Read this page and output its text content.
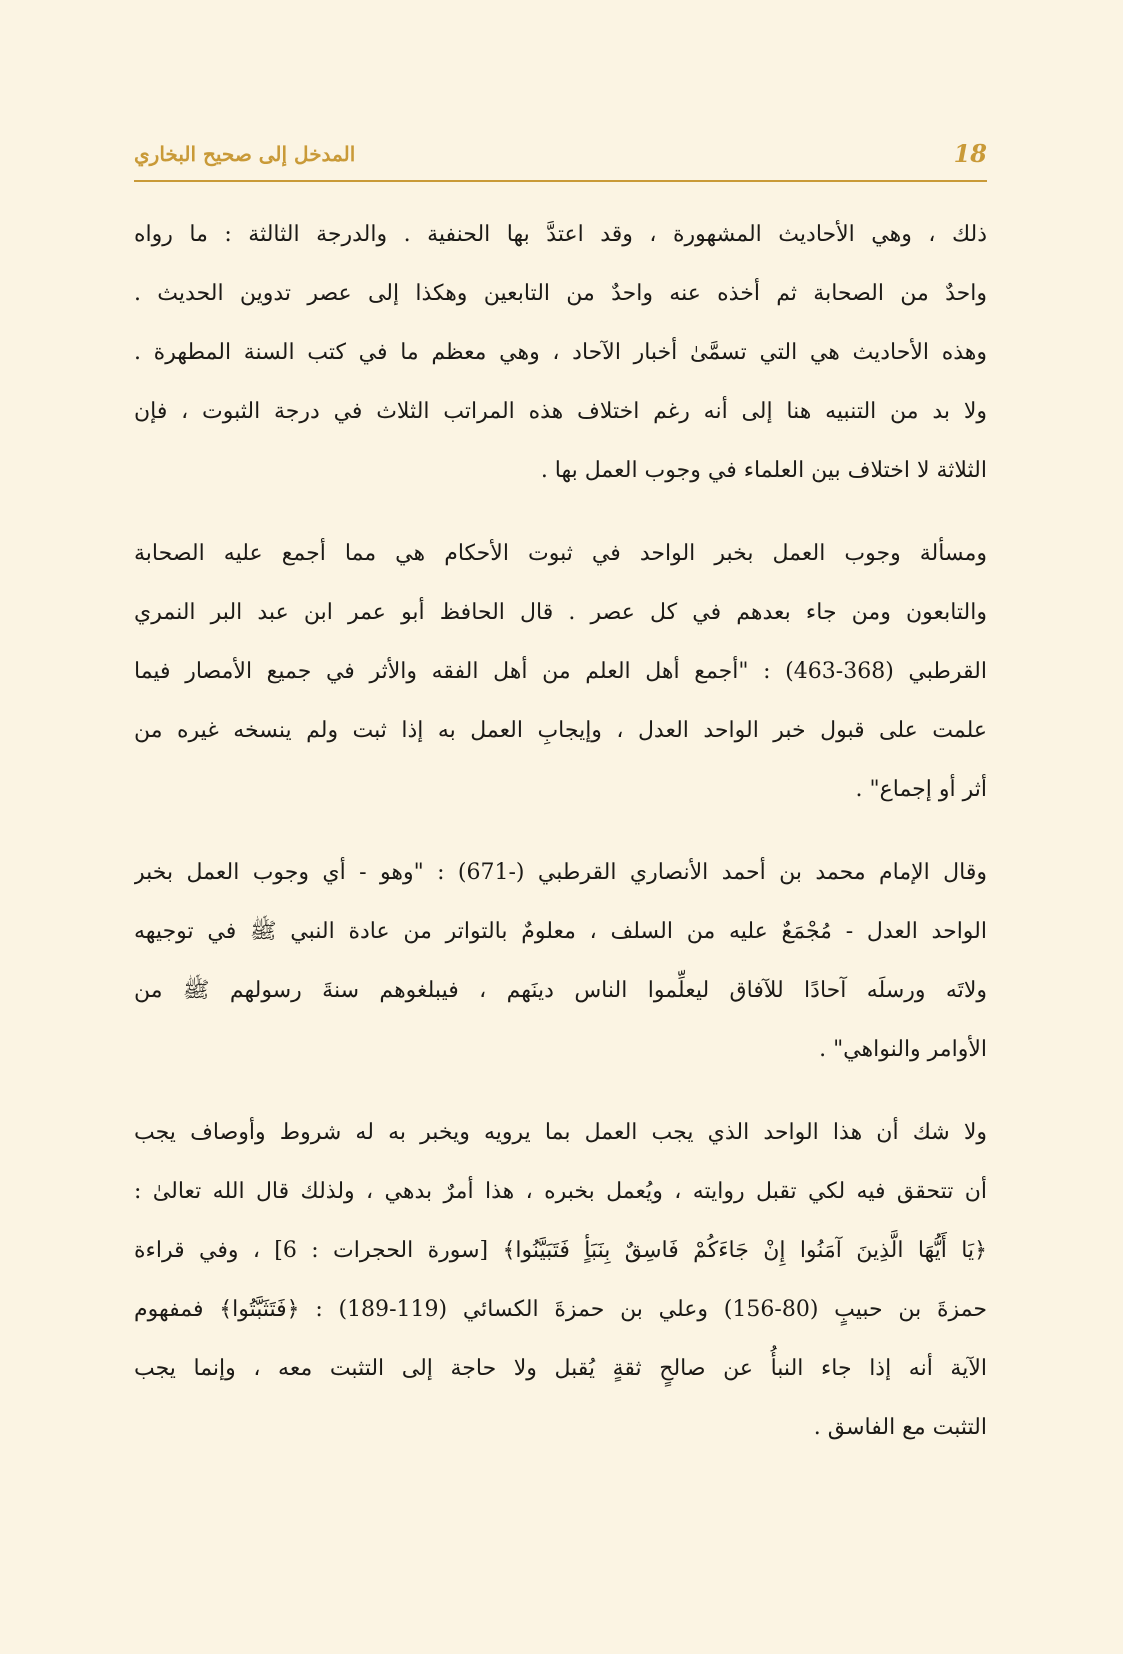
المدخل إلى صحيح البخاري	18
ذلك ، وهي الأحاديث المشهورة ، وقد اعتدَّ بها الحنفية . والدرجة الثالثة : ما رواه
واحدٌ من الصحابة ثم أخذه عنه واحدٌ من التابعين وهكذا إلى عصر تدوين الحديث .
وهذه الأحاديث هي التي تسمَّىٰ أخبار الآحاد ، وهي معظم ما في كتب السنة المطهرة .
ولا بد من التنبيه هنا إلى أنه رغم اختلاف هذه المراتب الثلاث في درجة الثبوت ، فإن
الثلاثة لا اختلاف بين العلماء في وجوب العمل بها .
ومسألة وجوب العمل بخبر الواحد في ثبوت الأحكام هي مما أجمع عليه الصحابة
والتابعون ومن جاء بعدهم في كل عصر . قال الحافظ أبو عمر ابن عبد البر النمري
القرطبي (368-463) : "أجمع أهل العلم من أهل الفقه والأثر في جميع الأمصار فيما
علمت على قبول خبر الواحد العدل ، وإيجابِ العمل به إذا ثبت ولم ينسخه غيره من
أثر أو إجماع" .
وقال الإمام محمد بن أحمد الأنصاري القرطبي (-671) : "وهو - أي وجوب العمل بخبر
الواحد العدل - مُجْمَعٌ عليه من السلف ، معلومٌ بالتواتر من عادة النبي ﷺ في توجيهه
ولاتَه ورسلَه آحادًا للآفاق ليعلِّموا الناس دينَهم ، فيبلغوهم سنةَ رسولهم ﷺ من
الأوامر والنواهي" .
ولا شك أن هذا الواحد الذي يجب العمل بما يرويه ويخبر به له شروط وأوصاف يجب
أن تتحقق فيه لكي تقبل روايته ، ويُعمل بخبره ، هذا أمرٌ بدهي ، ولذلك قال الله تعالىٰ :
﴿يَا أَيُّهَا الَّذِينَ آمَنُوا إِنْ جَاءَكُمْ فَاسِقٌ بِنَبَأٍ فَتَبَيَّنُوا﴾ [سورة الحجرات : 6] ، وفي قراءة
حمزةَ بن حبيبٍ (80-156) وعلي بن حمزةَ الكسائي (119-189) : ﴿فَتَثَبَّتُوا﴾ فمفهوم
الآية أنه إذا جاء النبأُ عن صالحٍ ثقةٍ يُقبل ولا حاجة إلى التثبت معه ، وإنما يجب
التثبت مع الفاسق .
